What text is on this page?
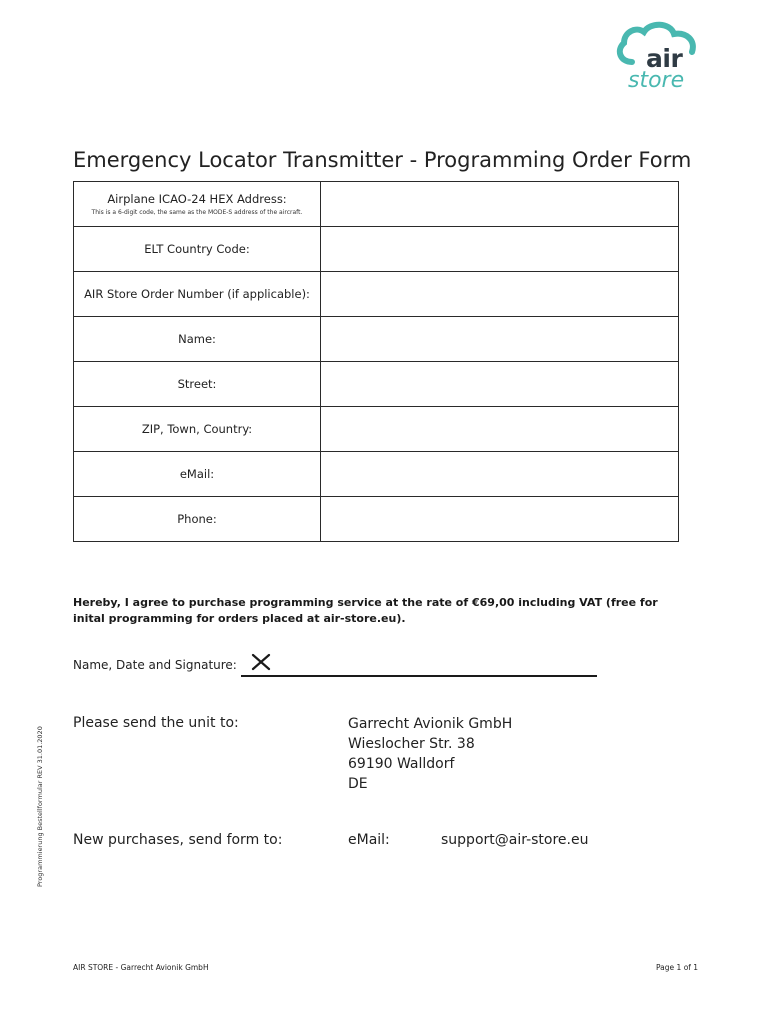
air
store
Emergency Locator Transmitter - Programming Order Form
Airplane ICAO-24 HEX Address:
This is a 6-digit code, the same as the MODE-S address of the aircraft.	

ELT Country Code:	
AIR Store Order Number (if applicable):	
Name:	
Street:	
ZIP, Town, Country:	
eMail:	
Phone:	
Hereby, I agree to purchase programming service at the rate of €69,00 including VAT (free for inital programming for orders placed at air-store.eu).
Name, Date and Signature:
Programmierung Bestellformular REV 31.01.2020
Please send the unit to:	Garrecht Avionik GmbH
Wieslocher Str. 38
69190 Walldorf
DE
New purchases, send form to:	eMail:	support@air-store.eu
AIR STORE - Garrecht Avionik GmbH	Page 1 of 1
